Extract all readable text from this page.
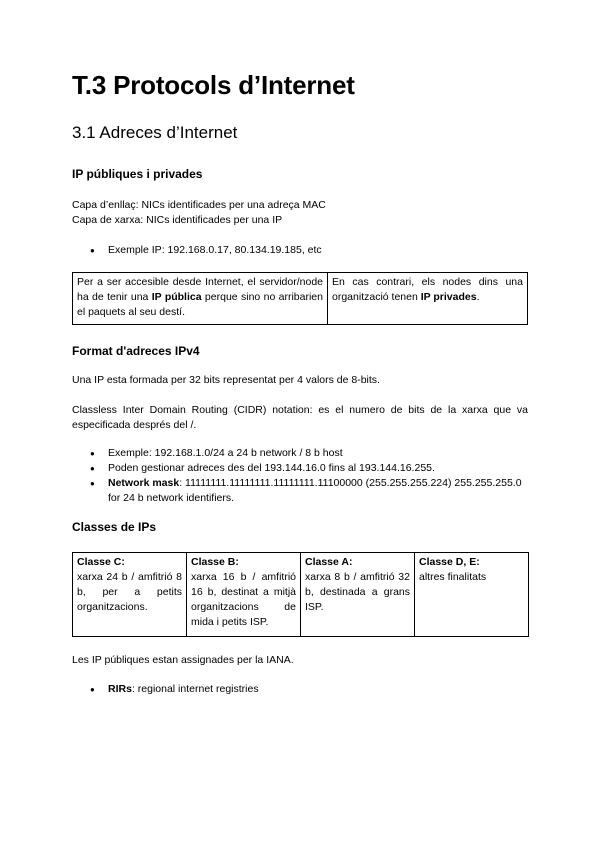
T.3 Protocols d’Internet
3.1 Adreces d’Internet
IP públiques i privades
Capa d’enllaç: NICs identificades per una adreça MAC
Capa de xarxa: NICs identificades per una IP
● Exemple IP: 192.168.0.17, 80.134.19.185, etc
Per a ser accesible desde Internet, el servidor/node ha de tenir una IP pública perque sino no arribarien el paquets al seu destí.	En cas contrari, els nodes dins una organització tenen IP privades.
Format d'adreces IPv4
Una IP esta formada per 32 bits representat per 4 valors de 8-bits.
Classless Inter Domain Routing (CIDR) notation: es el numero de bits de la xarxa que va especificada després del /.
● Exemple: 192.168.1.0/24 a 24 b network / 8 b host
● Poden gestionar adreces des del 193.144.16.0 fins al 193.144.16.255.
● Network mask: 11111111.11111111.11111111.11100000 (255.255.255.224) 255.255.255.0 for 24 b network identifiers.
Classes de IPs
Classe C:
xarxa 24 b / amfitrió 8 b, per a petits organitzacions.	Classe B:
xarxa 16 b / amfitrió 16 b, destinat a mitjà organitzacions de mida i petits ISP.	Classe A:
xarxa 8 b / amfitrió 32 b, destinada a grans ISP.	Classe D, E:
altres finalitats
Les IP públiques estan assignades per la IANA.
● RIRs: regional internet registries
